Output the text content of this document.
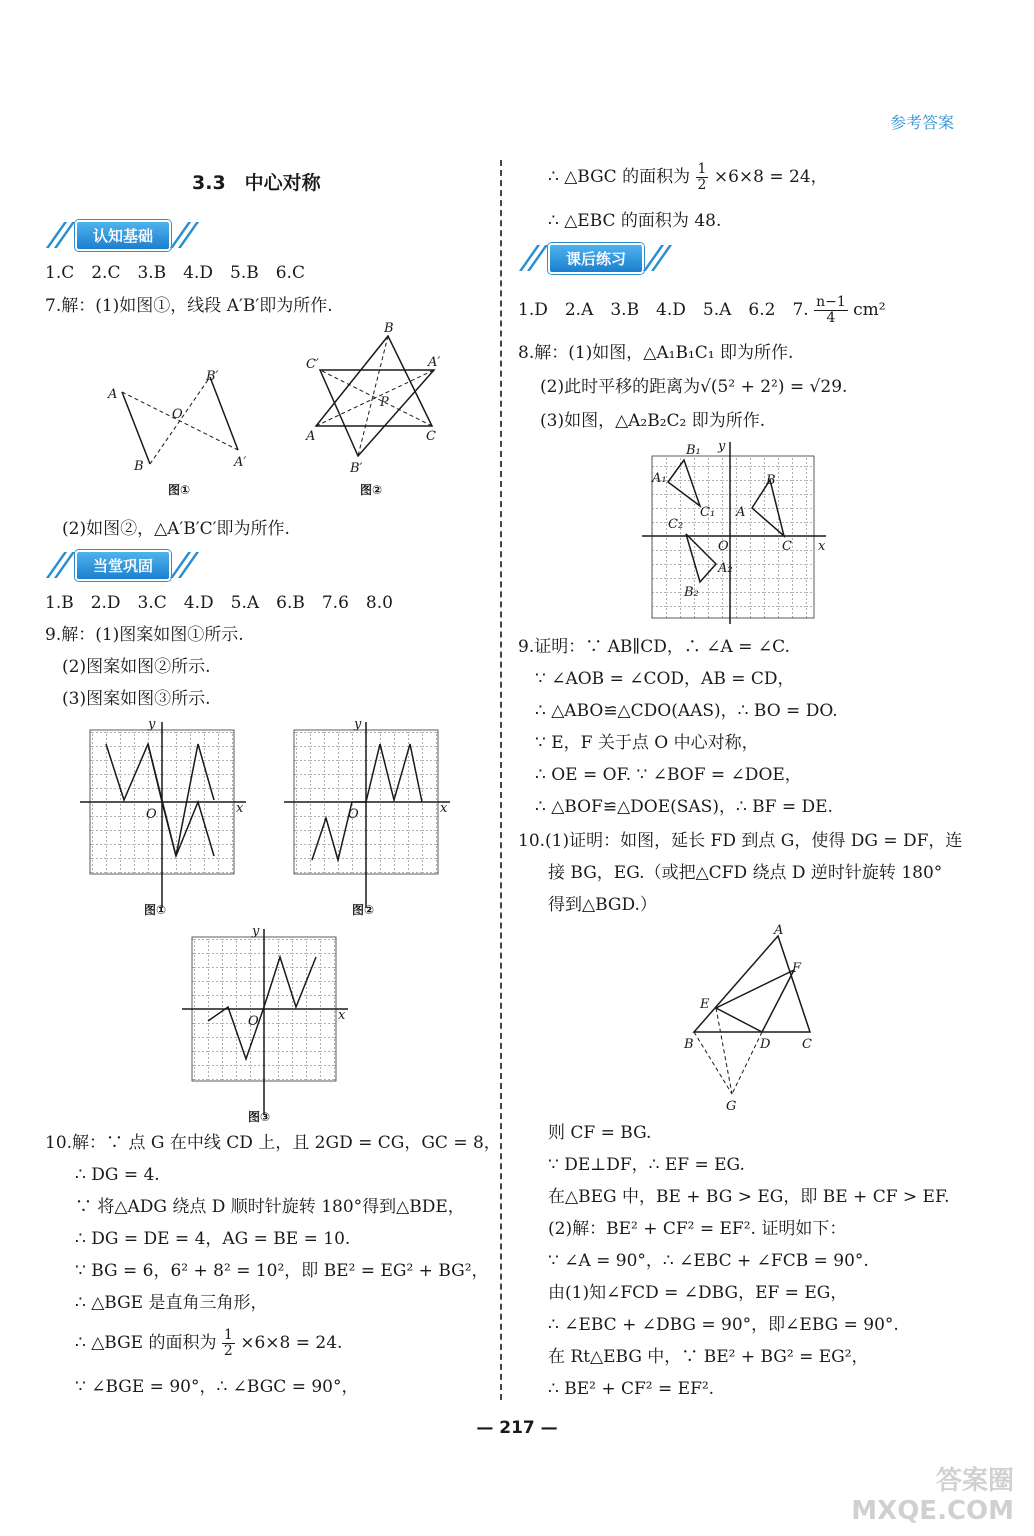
参考答案
3.3　中心对称
认知基础
1.C　2.C　3.B　4.D　5.B　6.C
7.解：(1)如图①，线段 A′B′即为所作.
A
B
B′
A′
O
图①
B
C′	A′
A	C
B′
P
图②
(2)如图②，△A′B′C′即为所作.
当堂巩固
1.B　2.D　3.C　4.D　5.A　6.B　7.6　8.0
9.解：(1)图案如图①所示.
(2)图案如图②所示.
(3)图案如图③所示.
O	x
y
图①
O	x
y
图②
O	x
y
图③
10.解：∵ 点 G 在中线 CD 上，且 2GD = CG，GC = 8，
∴ DG = 4.
∵ 将△ADG 绕点 D 顺时针旋转 180°得到△BDE，
∴ DG = DE = 4，AG = BE = 10.
∵ BG = 6，6² + 8² = 10²，即 BE² = EG² + BG²，
∴ △BGE 是直角三角形，
∴ △BGE 的面积为 $\frac{1}{2} \times 6\times 8 = 24$.
∵ ∠BGE = 90°，∴ ∠BGC = 90°，
∴ △BGC 的面积为 $\frac{1}{2} \times 6\times 8 = 24$，
∴ △EBC 的面积为 48.
课后练习
1.D　2.A　3.B　4.D　5.A　6.2　7. $\frac{n-1}{4} cm^2$
8.解：(1)如图，△A₁B₁C₁ 即为所作.
(2)此时平移的距离为√(5² + 2²) = √29.
(3)如图，△A₂B₂C₂ 即为所作.
B₁
A₁
C₁
B
A
C
C₂
A₂
B₂
O	x
y
9.证明：∵ AB∥CD，∴ ∠A = ∠C.
∵ ∠AOB = ∠COD，AB = CD，
∴ △ABO≌△CDO(AAS)，∴ BO = DO.
∵ E，F 关于点 O 中心对称，
∴ OE = OF. ∵ ∠BOF = ∠DOE，
∴ △BOF≌△DOE(SAS)，∴ BF = DE.
10.(1)证明：如图，延长 FD 到点 G，使得 DG = DF，连
接 BG，EG.（或把△CFD 绕点 D 逆时针旋转 180°
得到△BGD.）
A
F
E
B	D C
G
则 CF = BG.
∵ DE⊥DF，∴ EF = EG.
在△BEG 中，BE + BG > EG，即 BE + CF > EF.
(2)解：BE² + CF² = EF². 证明如下：
∵ ∠A = 90°，∴ ∠EBC + ∠FCB = 90°.
由(1)知∠FCD = ∠DBG，EF = EG，
∴ ∠EBC + ∠DBG = 90°，即∠EBG = 90°.
在 Rt△EBG 中，∵ BE² + BG² = EG²，
∴ BE² + CF² = EF².
— 217 —
答案圈
MXQE.COM
